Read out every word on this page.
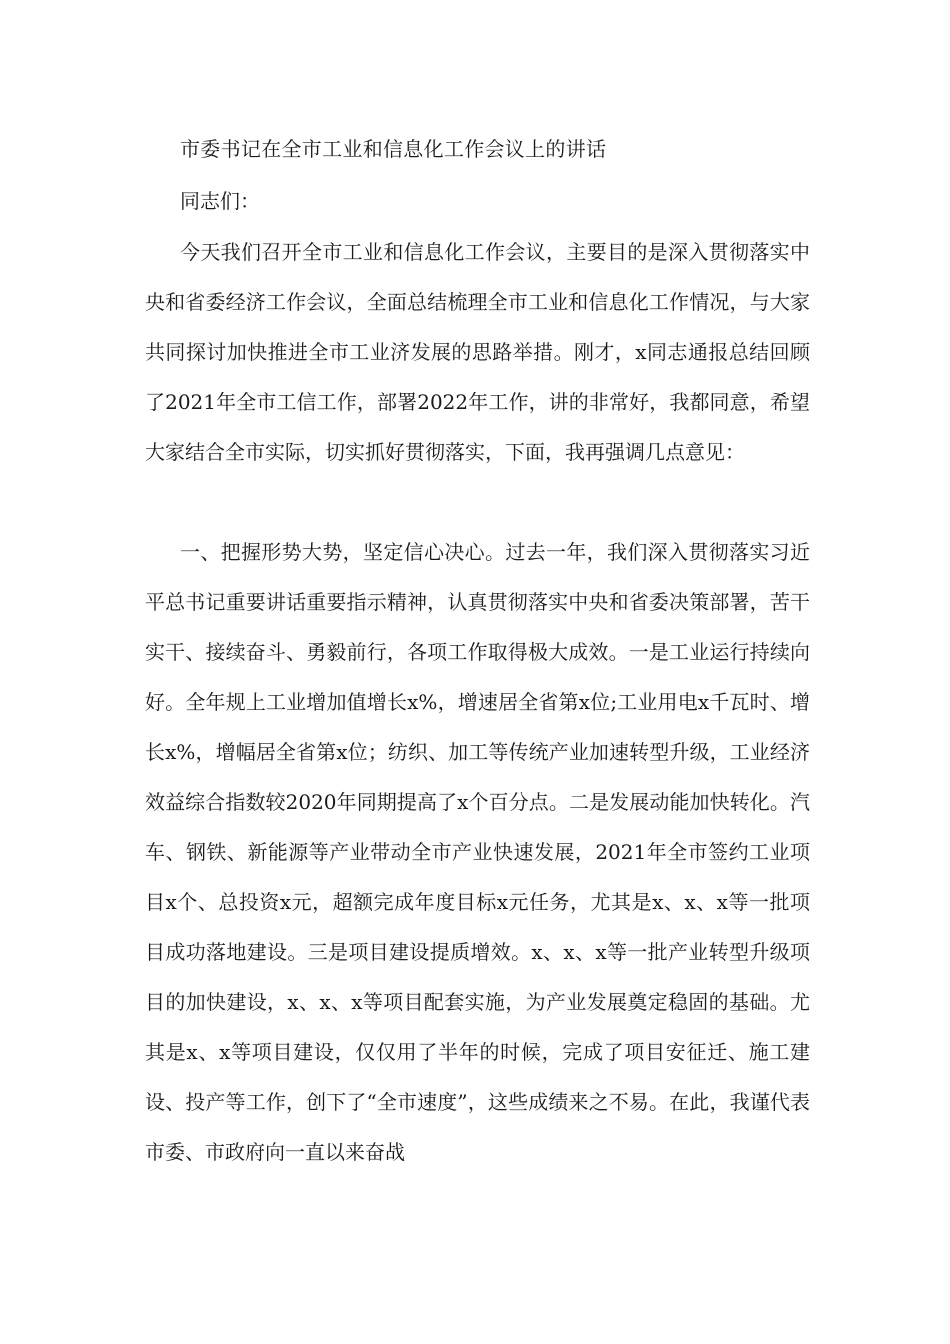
市委书记在全市工业和信息化工作会议上的讲话
同志们：

今天我们召开全市工业和信息化工作会议，主要目的是深入贯彻落实中央和省委经济工作会议，全面总结梳理全市工业和信息化工作情况，与大家共同探讨加快推进全市工业济发展的思路举措。刚才，x同志通报总结回顾了2021年全市工信工作，部署2022年工作，讲的非常好，我都同意，希望大家结合全市实际，切实抓好贯彻落实，下面，我再强调几点意见：

一、把握形势大势，坚定信心决心。过去一年，我们深入贯彻落实习近平总书记重要讲话重要指示精神，认真贯彻落实中央和省委决策部署，苦干实干、接续奋斗、勇毅前行，各项工作取得极大成效。一是工业运行持续向好。全年规上工业增加值增长x%，增速居全省第x位;工业用电x千瓦时、增长x%，增幅居全省第x位；纺织、加工等传统产业加速转型升级，工业经济效益综合指数较2020年同期提高了x个百分点。二是发展动能加快转化。汽车、钢铁、新能源等产业带动全市产业快速发展，2021年全市签约工业项目x个、总投资x元，超额完成年度目标x元任务，尤其是x、x、x等一批项目成功落地建设。三是项目建设提质增效。x、x、x等一批产业转型升级项目的加快建设，x、x、x等项目配套实施，为产业发展奠定稳固的基础。尤其是x、x等项目建设，仅仅用了半年的时候，完成了项目安征迁、施工建设、投产等工作，创下了“全市速度”，这些成绩来之不易。在此，我谨代表市委、市政府向一直以来奋战
